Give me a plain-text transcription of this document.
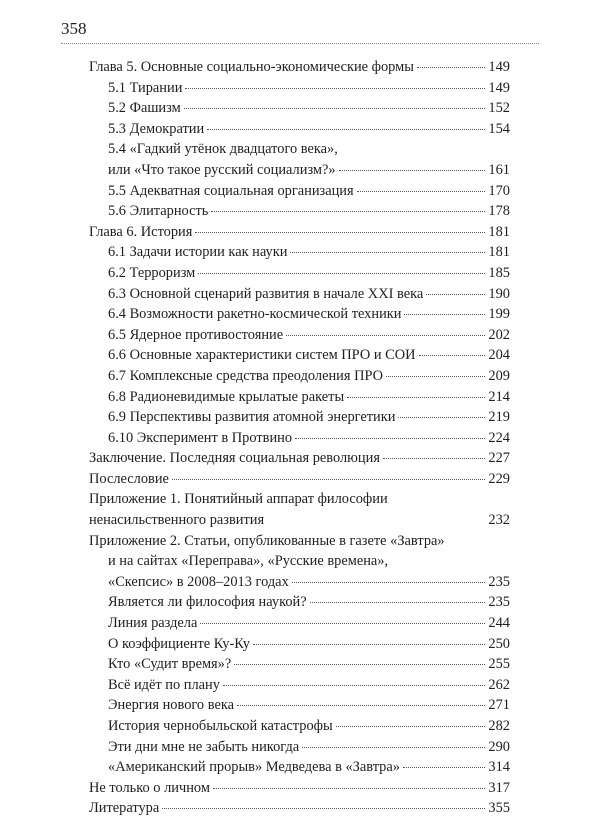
358
Глава 5. Основные социально-экономические формы	149
5.1 Тирании	149
5.2 Фашизм	152
5.3 Демократии	154
5.4 «Гадкий утёнок двадцатого века»,
или «Что такое русский социализм?»	161
5.5 Адекватная социальная организация	170
5.6 Элитарность	178
Глава 6. История	181
6.1 Задачи истории как науки	181
6.2 Терроризм	185
6.3 Основной сценарий развития в начале XXI века	190
6.4 Возможности ракетно-космической техники	199
6.5 Ядерное противостояние	202
6.6 Основные характеристики систем ПРО и СОИ	204
6.7 Комплексные средства преодоления ПРО	209
6.8 Радионевидимые крылатые ракеты	214
6.9 Перспективы развития атомной энергетики	219
6.10 Эксперимент в Протвино	224
Заключение. Последняя социальная революция	227
Послесловие	229
Приложение 1. Понятийный аппарат философии
ненасильственного развития	232
Приложение 2. Статьи, опубликованные в газете «Завтра»
и на сайтах «Переправа», «Русские времена»,
«Скепсис» в 2008–2013 годах	235
Является ли философия наукой?	235
Линия раздела	244
О коэффициенте Ку-Ку	250
Кто «Судит время»?	255
Всё идёт по плану	262
Энергия нового века	271
История чернобыльской катастрофы	282
Эти дни мне не забыть никогда	290
«Американский прорыв» Медведева в «Завтра»	314
Не только о личном	317
Литература	355
